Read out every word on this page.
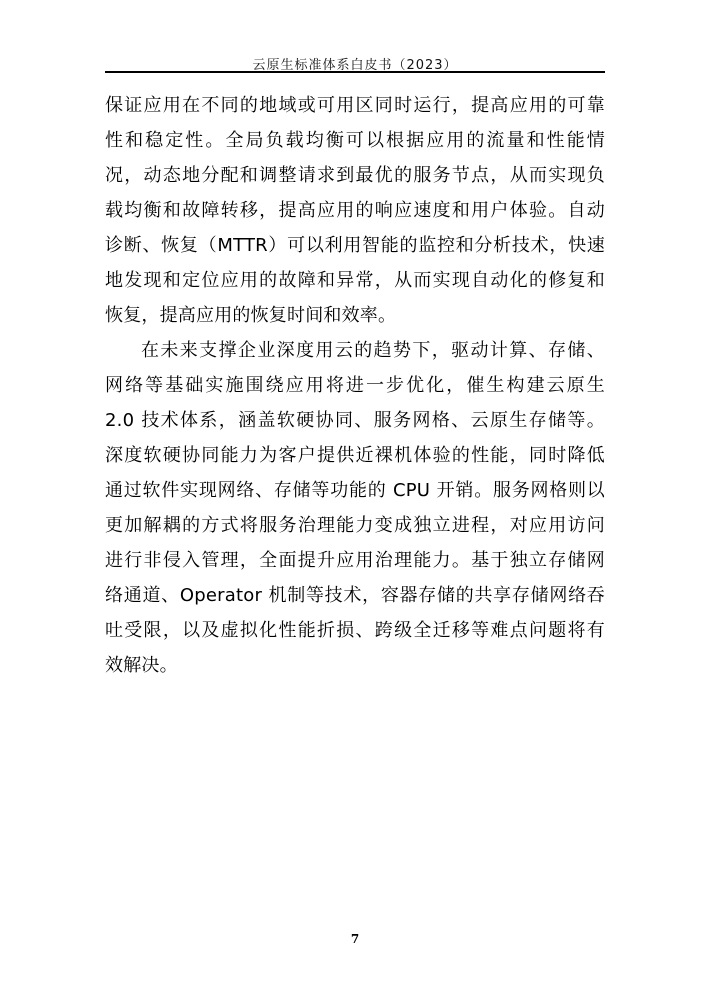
云原生标准体系白皮书（2023）
保证应用在不同的地域或可用区同时运行，提高应用的可靠
性和稳定性。全局负载均衡可以根据应用的流量和性能情
况，动态地分配和调整请求到最优的服务节点，从而实现负
载均衡和故障转移，提高应用的响应速度和用户体验。自动
诊断、恢复（MTTR）可以利用智能的监控和分析技术，快速
地发现和定位应用的故障和异常，从而实现自动化的修复和
恢复，提高应用的恢复时间和效率。
在未来支撑企业深度用云的趋势下，驱动计算、存储、
网络等基础实施围绕应用将进一步优化，催生构建云原生
2.0 技术体系，涵盖软硬协同、服务网格、云原生存储等。
深度软硬协同能力为客户提供近裸机体验的性能，同时降低
通过软件实现网络、存储等功能的 CPU 开销。服务网格则以
更加解耦的方式将服务治理能力变成独立进程，对应用访问
进行非侵入管理，全面提升应用治理能力。基于独立存储网
络通道、Operator 机制等技术，容器存储的共享存储网络吞
吐受限，以及虚拟化性能折损、跨级全迁移等难点问题将有
效解决。
7
